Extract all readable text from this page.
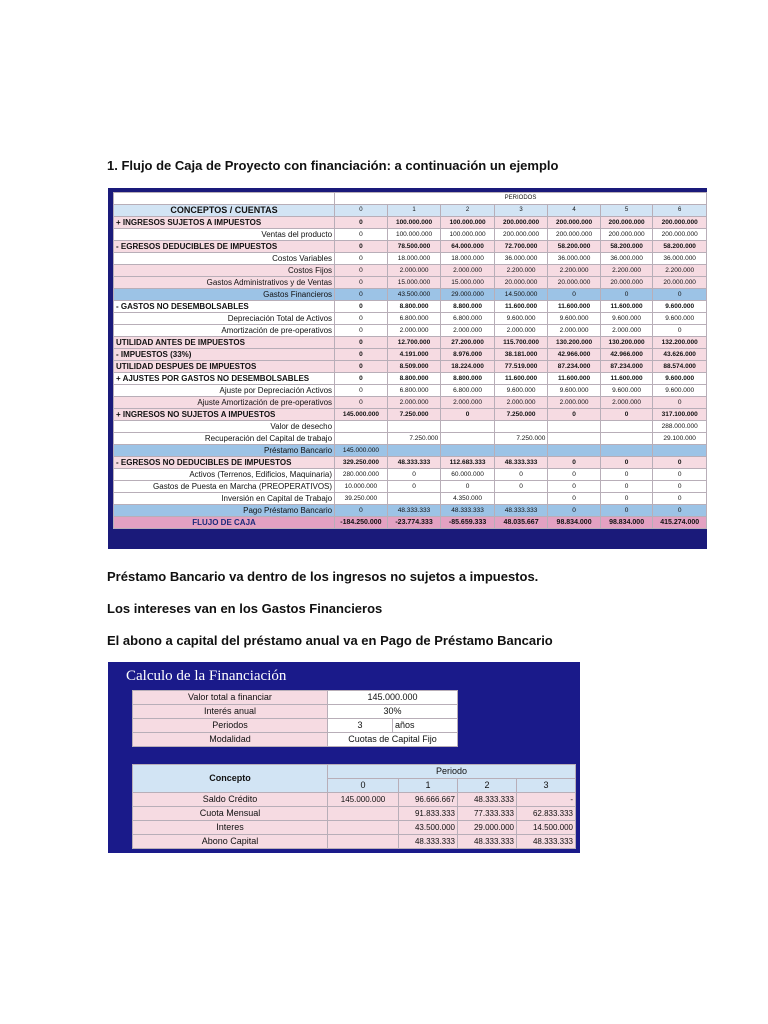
1. Flujo de Caja de Proyecto con financiación: a continuación un ejemplo
	PERIODOS						
CONCEPTOS / CUENTAS	0	1	2	3	4	5	6
+ INGRESOS SUJETOS A IMPUESTOS	0	100.000.000	100.000.000	200.000.000	200.000.000	200.000.000	200.000.000
Ventas del producto	0	100.000.000	100.000.000	200.000.000	200.000.000	200.000.000	200.000.000
- EGRESOS DEDUCIBLES DE IMPUESTOS	0	78.500.000	64.000.000	72.700.000	58.200.000	58.200.000	58.200.000
Costos Variables	0	18.000.000	18.000.000	36.000.000	36.000.000	36.000.000	36.000.000
Costos Fijos	0	2.000.000	2.000.000	2.200.000	2.200.000	2.200.000	2.200.000
Gastos Administrativos y de Ventas	0	15.000.000	15.000.000	20.000.000	20.000.000	20.000.000	20.000.000
Gastos Financieros	0	43.500.000	29.000.000	14.500.000	0	0	0
- GASTOS NO DESEMBOLSABLES	0	8.800.000	8.800.000	11.600.000	11.600.000	11.600.000	9.600.000
Depreciación Total de Activos	0	6.800.000	6.800.000	9.600.000	9.600.000	9.600.000	9.600.000
Amortización de pre-operativos	0	2.000.000	2.000.000	2.000.000	2.000.000	2.000.000	0
UTILIDAD ANTES DE IMPUESTOS	0	12.700.000	27.200.000	115.700.000	130.200.000	130.200.000	132.200.000
- IMPUESTOS (33%)	0	4.191.000	8.976.000	38.181.000	42.966.000	42.966.000	43.626.000
UTILIDAD DESPUES DE IMPUESTOS	0	8.509.000	18.224.000	77.519.000	87.234.000	87.234.000	88.574.000
+ AJUSTES POR GASTOS NO DESEMBOLSABLES	0	8.800.000	8.800.000	11.600.000	11.600.000	11.600.000	9.600.000
Ajuste por Depreciación Activos	0	6.800.000	6.800.000	9.600.000	9.600.000	9.600.000	9.600.000
Ajuste Amortización de pre-operativos	0	2.000.000	2.000.000	2.000.000	2.000.000	2.000.000	0
+ INGRESOS NO SUJETOS A IMPUESTOS	145.000.000	7.250.000	0	7.250.000	0	0	317.100.000
Valor de desecho							288.000.000
Recuperación del Capital de trabajo		7.250.000		7.250.000			29.100.000
Préstamo Bancario	145.000.000						
- EGRESOS NO DEDUCIBLES DE IMPUESTOS	329.250.000	48.333.333	112.683.333	48.333.333	0	0	0
Activos (Terrenos, Edificios, Maquinaria)	280.000.000	0	60.000.000	0	0	0	0
Gastos de Puesta en Marcha (PREOPERATIVOS)	10.000.000	0	0	0	0	0	0
Inversión en Capital de Trabajo	39.250.000		4.350.000		0	0	0
Pago Préstamo Bancario	0	48.333.333	48.333.333	48.333.333	0	0	0
FLUJO DE CAJA	-184.250.000	-23.774.333	-85.659.333	48.035.667	98.834.000	98.834.000	415.274.000
Préstamo Bancario va dentro de los ingresos no sujetos a impuestos.
Los intereses van en los Gastos Financieros
El abono a capital del préstamo anual va en Pago de Préstamo Bancario
Calculo de la Financiación
Valor total a financiar	145.000.000	
Interés anual	30%	
Periodos	3	años
Modalidad	Cuotas de Capital Fijo	
Concepto	Periodo			
	0	1	2	3
Saldo Crédito	145.000.000	96.666.667	48.333.333	-
Cuota Mensual		91.833.333	77.333.333	62.833.333
Interes		43.500.000	29.000.000	14.500.000
Abono Capital		48.333.333	48.333.333	48.333.333
